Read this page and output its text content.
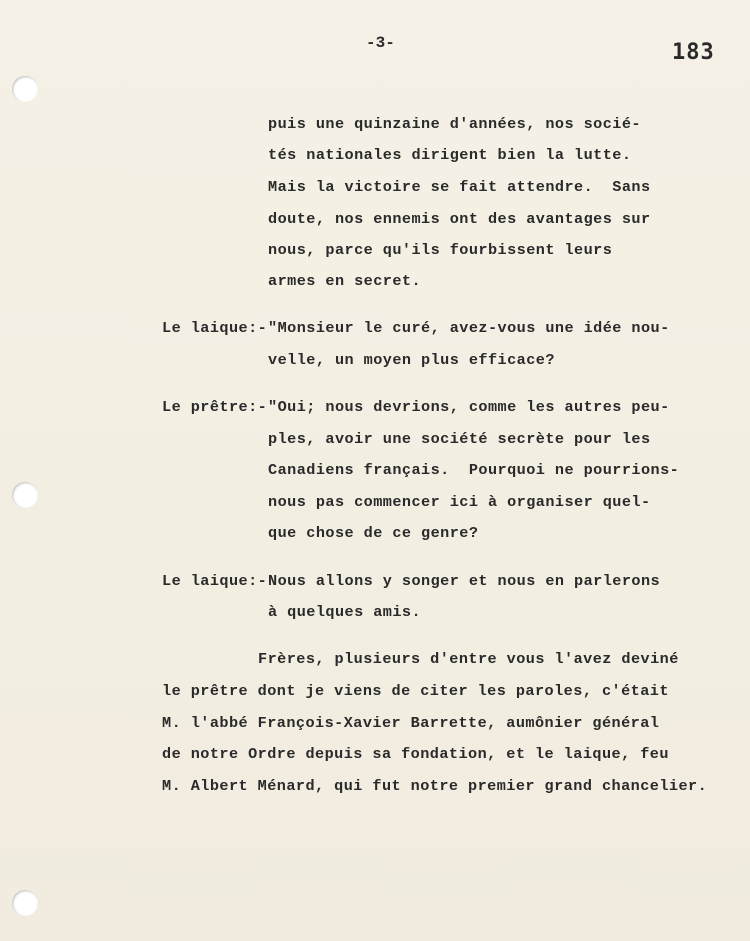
-3-	183
puis une quinzaine d'années, nos socié-
tés nationales dirigent bien la lutte.
Mais la victoire se fait attendre.  Sans
doute, nos ennemis ont des avantages sur
nous, parce qu'ils fourbissent leurs
armes en secret.
Le laique:- "Monsieur le curé, avez-vous une idée nou-
velle, un moyen plus efficace?
Le prêtre:- "Oui; nous devrions, comme les autres peu-
ples, avoir une société secrète pour les
Canadiens français.  Pourquoi ne pourrions-
nous pas commencer ici à organiser quel-
que chose de ce genre?
Le laique:- Nous allons y songer et nous en parlerons
à quelques amis.
Frères, plusieurs d'entre vous l'avez deviné
le prêtre dont je viens de citer les paroles, c'était
M. l'abbé François-Xavier Barrette, aumônier général
de notre Ordre depuis sa fondation, et le laique, feu
M. Albert Ménard, qui fut notre premier grand chancelier.
